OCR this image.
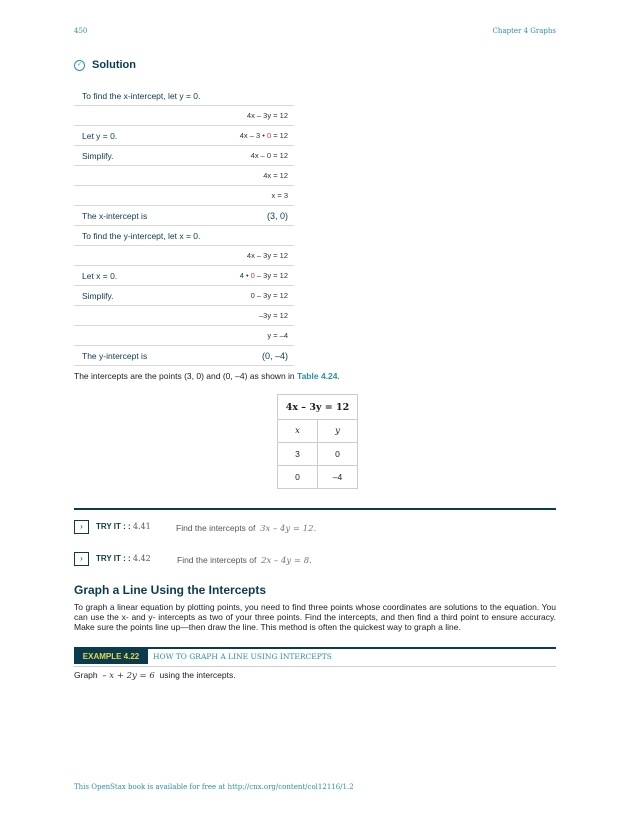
450	Chapter 4 Graphs
✓ Solution
To find the x-intercept, let y = 0.	
	4x – 3y = 12
Let y = 0.	4x – 3 • 0 = 12
Simplify.	4x – 0 = 12
	4x = 12
	x = 3
The x-intercept is	(3, 0)
To find the y-intercept, let x = 0.	
	4x – 3y = 12
Let x = 0.	4 • 0 – 3y = 12
Simplify.	0 – 3y = 12
	–3y = 12
	y = –4
The y-intercept is	(0, –4)
The intercepts are the points (3, 0) and (0, –4) as shown in Table 4.24.
4x – 3y = 12	
x	y
3	0
0	–4
›	TRY IT : : 4.41	Find the intercepts of 3x – 4y = 12.
›	TRY IT : : 4.42	Find the intercepts of 2x – 4y = 8.
Graph a Line Using the Intercepts
To graph a linear equation by plotting points, you need to find three points whose coordinates are solutions to the equation. You can use the x- and y- intercepts as two of your three points. Find the intercepts, and then find a third point to ensure accuracy. Make sure the points line up—then draw the line. This method is often the quickest way to graph a line.
EXAMPLE 4.22	HOW TO GRAPH A LINE USING INTERCEPTS
Graph – x + 2y = 6 using the intercepts.
This OpenStax book is available for free at http://cnx.org/content/col12116/1.2
